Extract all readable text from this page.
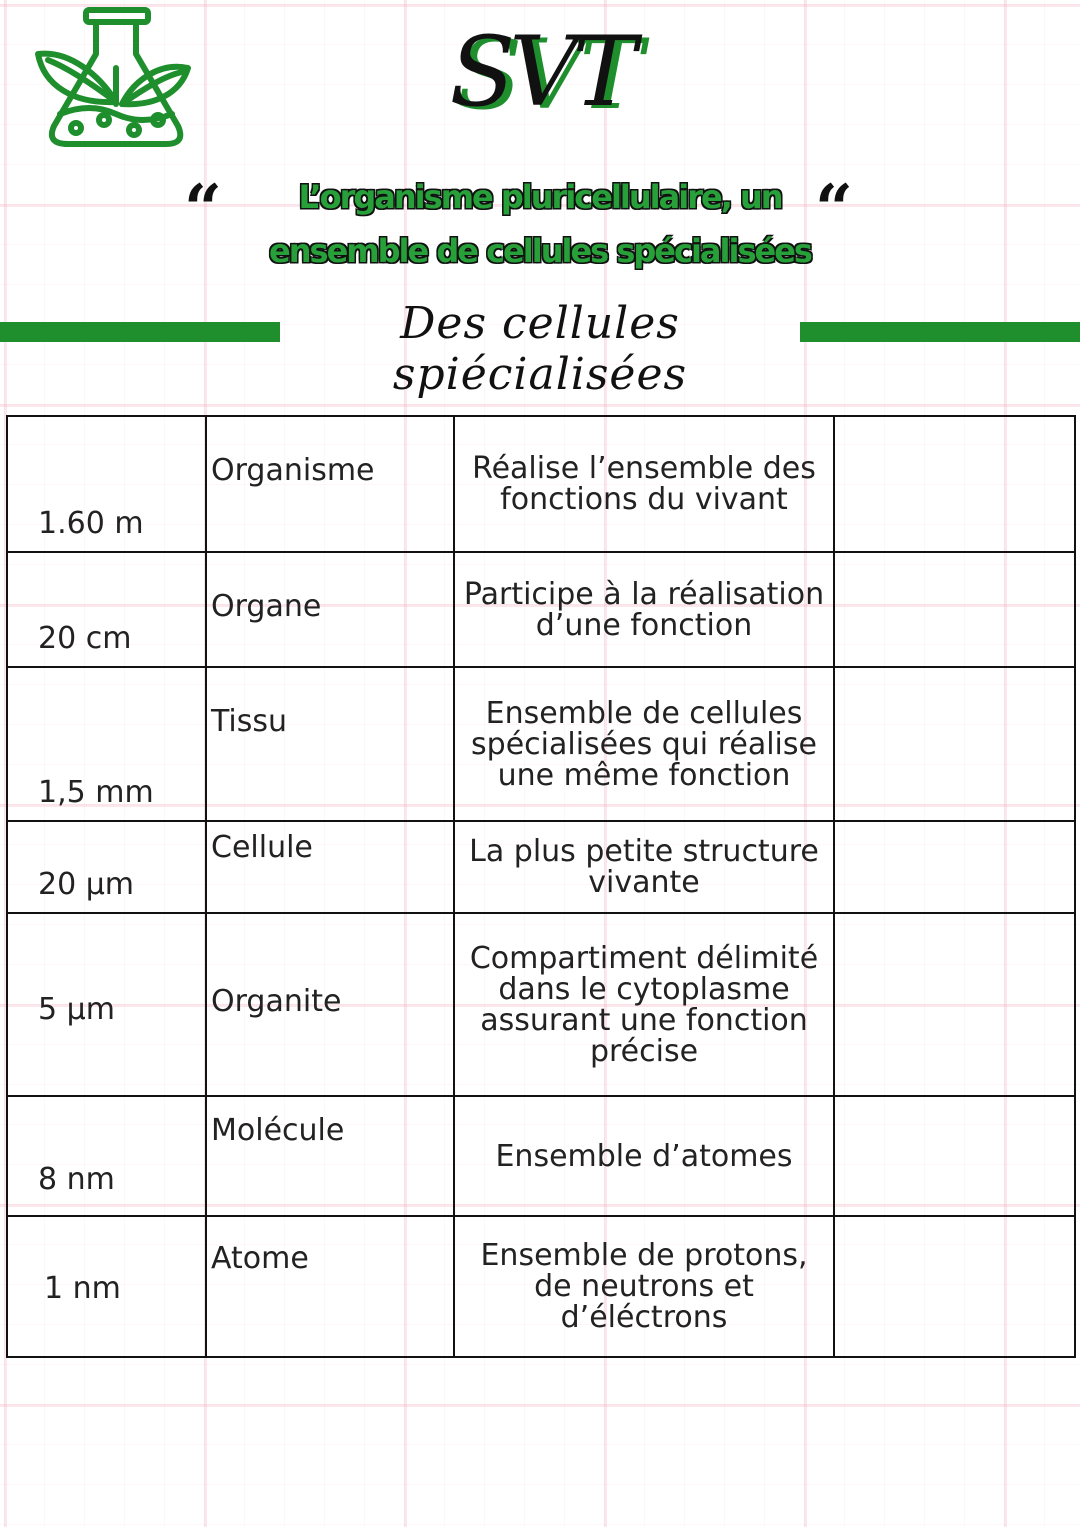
SVT
“	L’organisme pluricellulaire, un “
ensemble de cellules spécialisées
Des cellules spiécialisées
1.60 m	Organisme	Réalise l’ensemble des fonctions du vivant	
20 cm	Organe	Participe à la réalisation d’une fonction	
1,5 mm	Tissu	Ensemble de cellules spécialisées qui réalise une même fonction	
20 µm	Cellule	La plus petite structure vivante	
5 µm	Organite	Compartiment délimité dans le cytoplasme assurant une fonction précise	
8 nm	Molécule	Ensemble d’atomes	
1 nm	Atome	Ensemble de protons, de neutrons et d’éléctrons	
